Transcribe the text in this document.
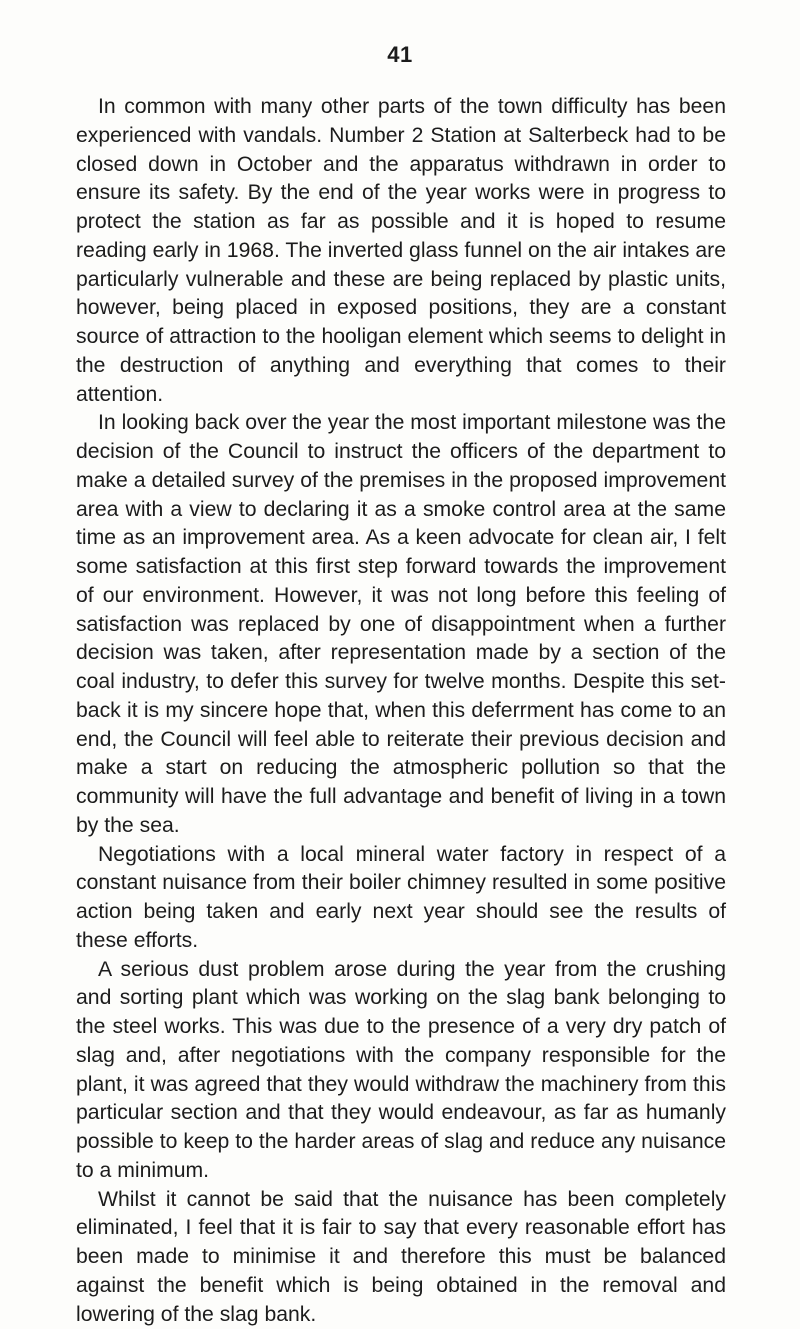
41

In common with many other parts of the town difficulty has been experienced with vandals. Number 2 Station at Salterbeck had to be closed down in October and the apparatus withdrawn in order to ensure its safety. By the end of the year works were in progress to protect the station as far as possible and it is hoped to resume reading early in 1968. The inverted glass funnel on the air intakes are particularly vulnerable and these are being replaced by plastic units, however, being placed in exposed positions, they are a constant source of attraction to the hooligan element which seems to delight in the destruction of anything and everything that comes to their attention.

In looking back over the year the most important milestone was the decision of the Council to instruct the officers of the department to make a detailed survey of the premises in the proposed improvement area with a view to declaring it as a smoke control area at the same time as an improvement area. As a keen advocate for clean air, I felt some satisfaction at this first step forward towards the improvement of our environment. However, it was not long before this feeling of satisfaction was replaced by one of disappointment when a further decision was taken, after representation made by a section of the coal industry, to defer this survey for twelve months. Despite this set-back it is my sincere hope that, when this deferrment has come to an end, the Council will feel able to reiterate their previous decision and make a start on reducing the atmospheric pollution so that the community will have the full advantage and benefit of living in a town by the sea.

Negotiations with a local mineral water factory in respect of a constant nuisance from their boiler chimney resulted in some positive action being taken and early next year should see the results of these efforts.

A serious dust problem arose during the year from the crushing and sorting plant which was working on the slag bank belonging to the steel works. This was due to the presence of a very dry patch of slag and, after negotiations with the company responsible for the plant, it was agreed that they would withdraw the machinery from this particular section and that they would endeavour, as far as humanly possible to keep to the harder areas of slag and reduce any nuisance to a minimum.

Whilst it cannot be said that the nuisance has been completely eliminated, I feel that it is fair to say that every reasonable effort has been made to minimise it and therefore this must be balanced against the benefit which is being obtained in the removal and lowering of the slag bank.
